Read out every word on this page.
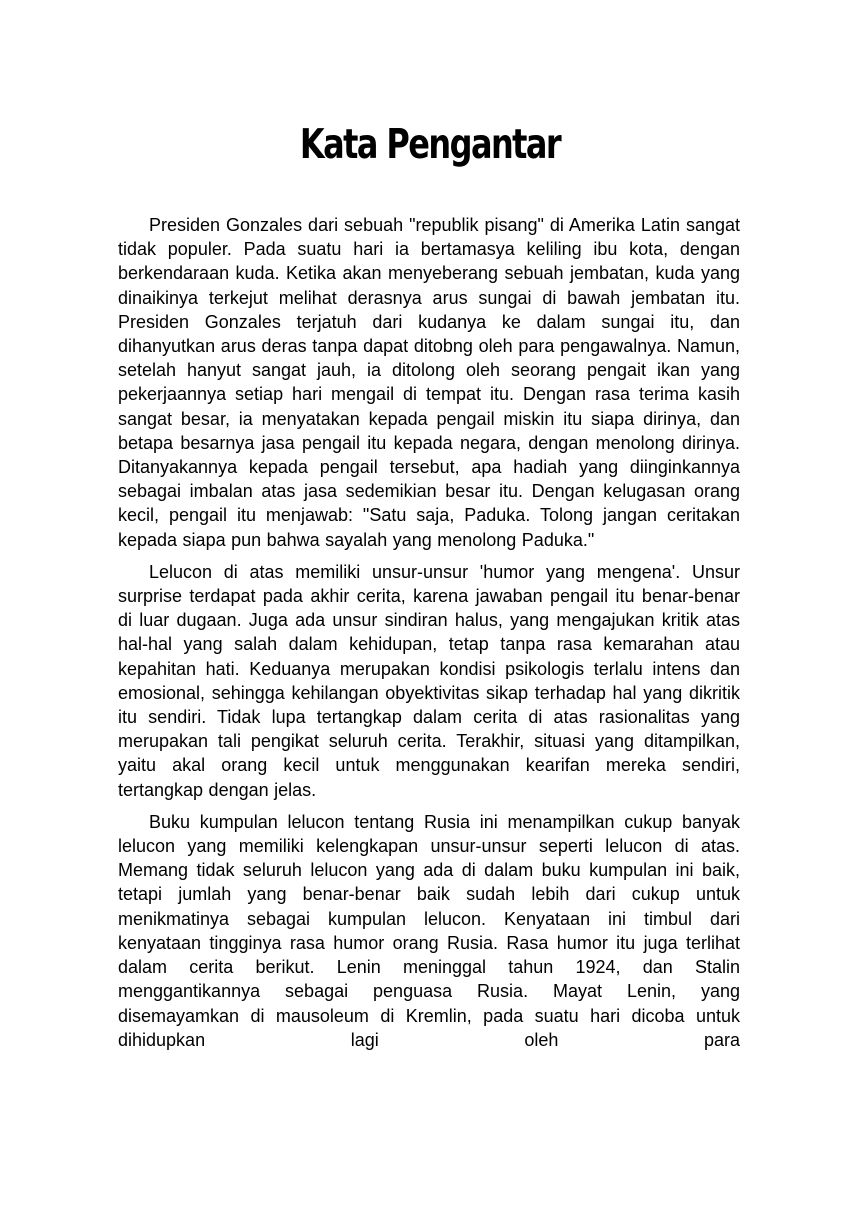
Kata Pengantar

Presiden Gonzales dari sebuah "republik pisang" di Amerika Latin sangat tidak populer. Pada suatu hari ia bertamasya keliling ibu kota, dengan berkendaraan kuda. Ketika akan menyeberang sebuah jembatan, kuda yang dinaikinya terkejut melihat derasnya arus sungai di bawah jembatan itu. Presiden Gonzales terjatuh dari kudanya ke dalam sungai itu, dan dihanyutkan arus deras tanpa dapat ditobng oleh para pengawalnya. Namun, setelah hanyut sangat jauh, ia ditolong oleh seorang pengait ikan yang pekerjaannya setiap hari mengail di tempat itu. Dengan rasa terima kasih sangat besar, ia menyatakan kepada pengail miskin itu siapa dirinya, dan betapa besarnya jasa pengail itu kepada negara, dengan menolong dirinya. Ditanyakannya kepada pengail tersebut, apa hadiah yang diinginkannya sebagai imbalan atas jasa sedemikian besar itu. Dengan kelugasan orang kecil, pengail itu menjawab: "Satu saja, Paduka. Tolong jangan ceritakan kepada siapa pun bahwa sayalah yang menolong Paduka."

Lelucon di atas memiliki unsur-unsur 'humor yang mengena'. Unsur surprise terdapat pada akhir cerita, karena jawaban pengail itu benar-benar di luar dugaan. Juga ada unsur sindiran halus, yang mengajukan kritik atas hal-hal yang salah dalam kehidupan, tetap tanpa rasa kemarahan atau kepahitan hati. Keduanya merupakan kondisi psikologis terlalu intens dan emosional, sehingga kehilangan obyektivitas sikap terhadap hal yang dikritik itu sendiri. Tidak lupa tertangkap dalam cerita di atas rasionalitas yang merupakan tali pengikat seluruh cerita. Terakhir, situasi yang ditampilkan, yaitu akal orang kecil untuk menggunakan kearifan mereka sendiri, tertangkap dengan jelas.

Buku kumpulan lelucon tentang Rusia ini menampilkan cukup banyak lelucon yang memiliki kelengkapan unsur-unsur seperti lelucon di atas. Memang tidak seluruh lelucon yang ada di dalam buku kumpulan ini baik, tetapi jumlah yang benar-benar baik sudah lebih dari cukup untuk menikmatinya sebagai kumpulan lelucon. Kenyataan ini timbul dari kenyataan tingginya rasa humor orang Rusia. Rasa humor itu juga terlihat dalam cerita berikut. Lenin meninggal tahun 1924, dan Stalin menggantikannya sebagai penguasa Rusia. Mayat Lenin, yang disemayamkan di mausoleum di Kremlin, pada suatu hari dicoba untuk dihidupkan lagi oleh para
